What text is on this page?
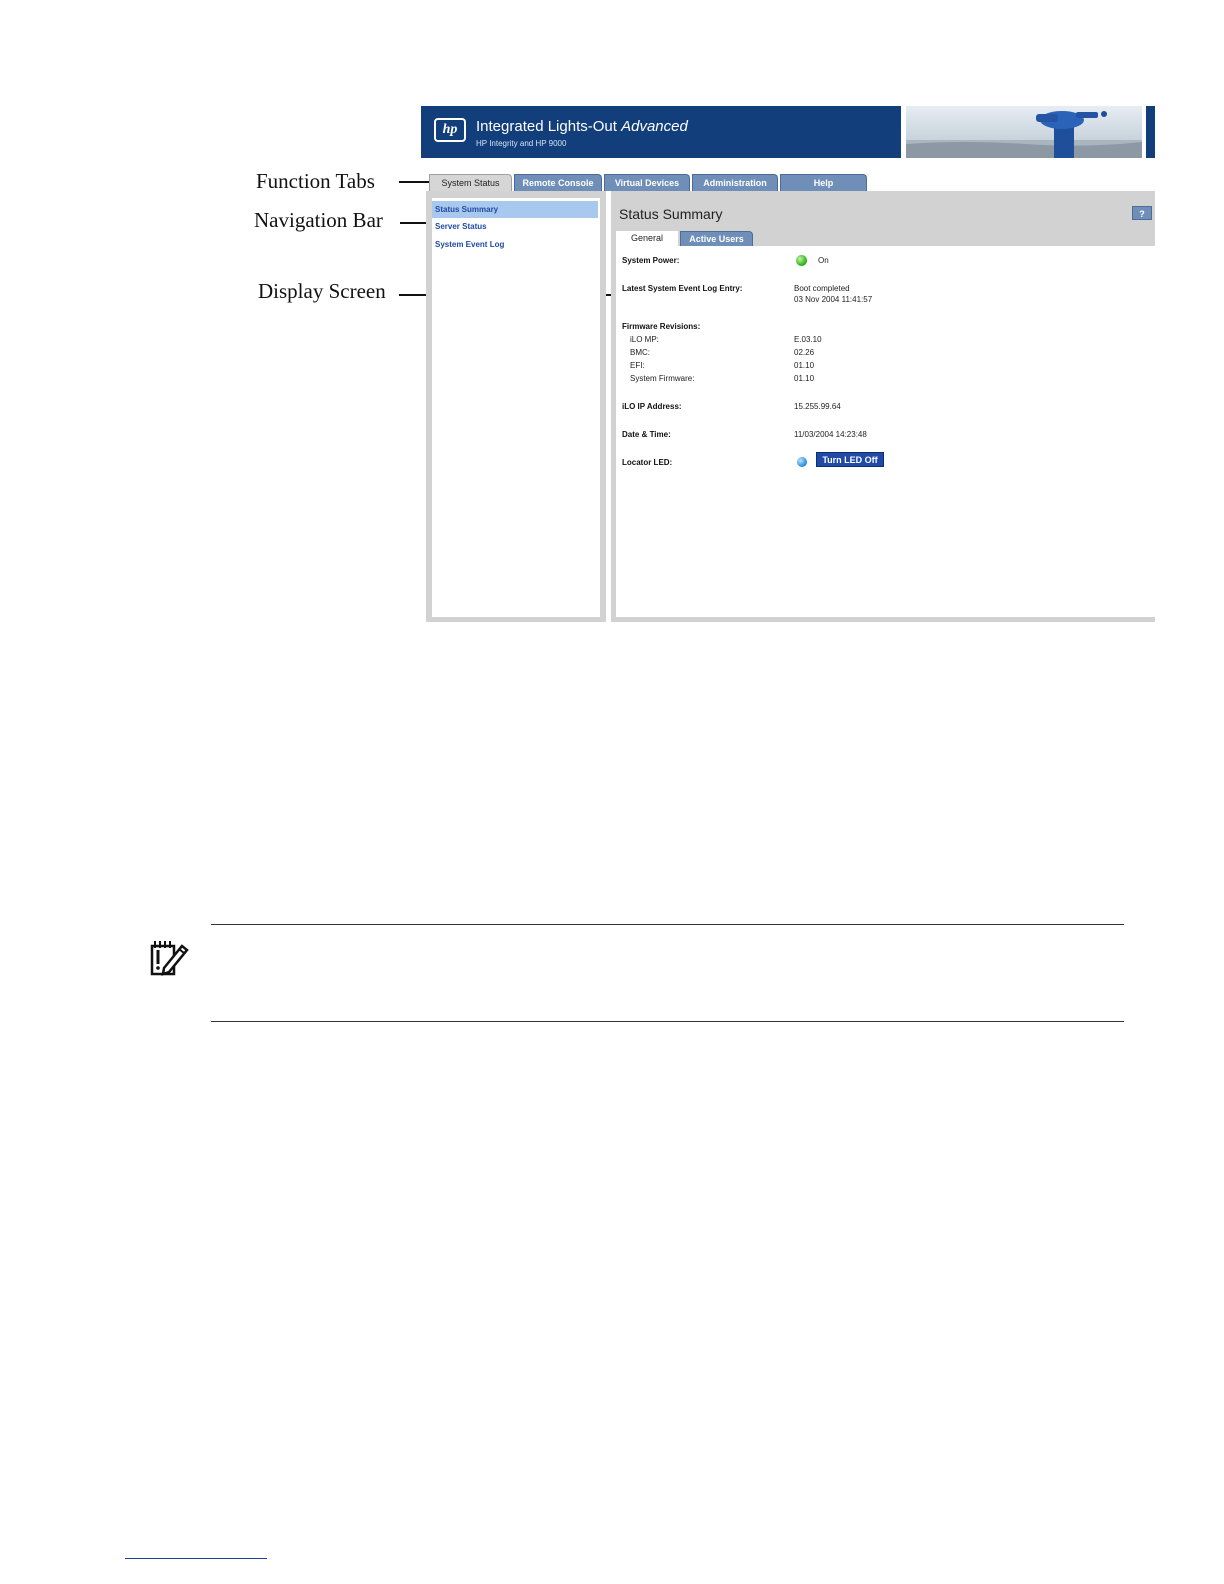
Function Tabs
Navigation Bar
Display Screen
hp	Integrated Lights-Out Advanced
HP Integrity and HP 9000
System Status	Remote Console	Virtual Devices	Administration	Help
Status Summary
Server Status
System Event Log
Status Summary	?
General	Active Users
System Power:	On
Latest System Event Log Entry:	Boot completed
03 Nov 2004 11:41:57
Firmware Revisions:
iLO MP:	E.03.10
BMC:	02.26
EFI:	01.10
System Firmware:	01.10
iLO IP Address:	15.255.99.64
Date & Time:	11/03/2004 14:23:48
Locator LED:	Turn LED Off
